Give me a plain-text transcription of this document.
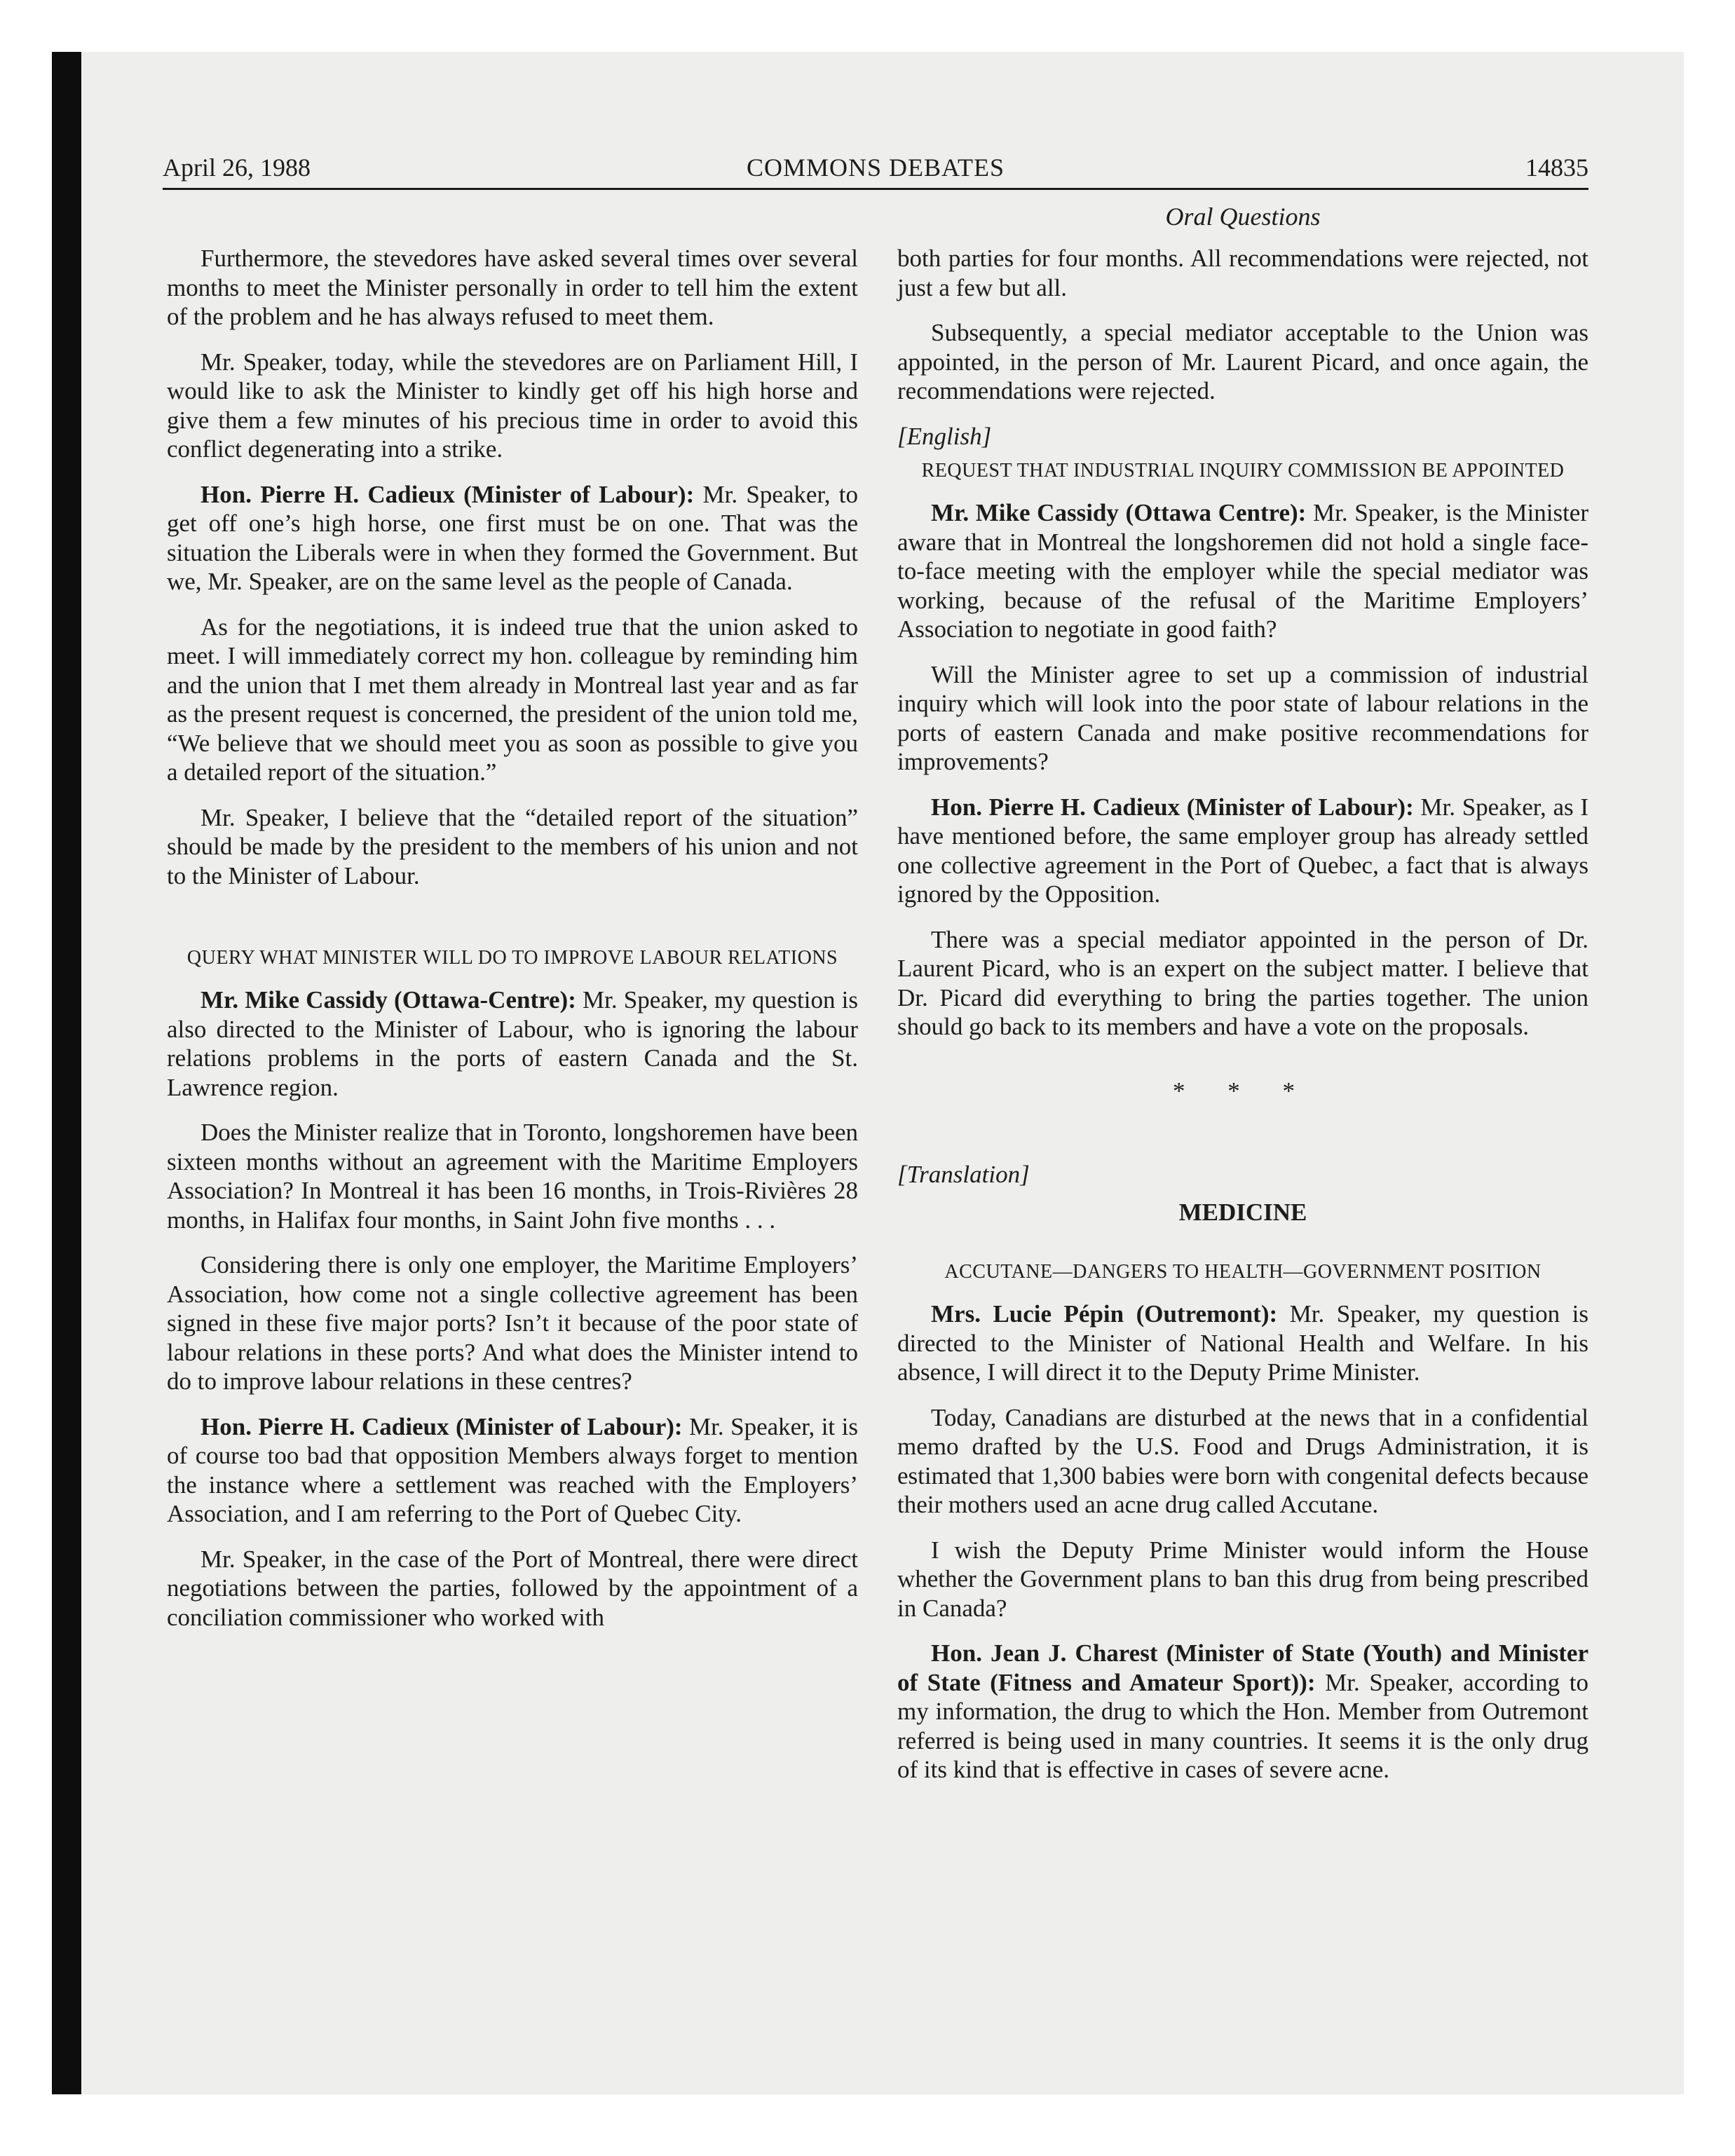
April 26, 1988	COMMONS DEBATES	14835
Oral Questions

Furthermore, the stevedores have asked several times over several months to meet the Minister personally in order to tell him the extent of the problem and he has always refused to meet them.

Mr. Speaker, today, while the stevedores are on Parliament Hill, I would like to ask the Minister to kindly get off his high horse and give them a few minutes of his precious time in order to avoid this conflict degenerating into a strike.

Hon. Pierre H. Cadieux (Minister of Labour): Mr. Speaker, to get off one’s high horse, one first must be on one. That was the situation the Liberals were in when they formed the Government. But we, Mr. Speaker, are on the same level as the people of Canada.

As for the negotiations, it is indeed true that the union asked to meet. I will immediately correct my hon. colleague by reminding him and the union that I met them already in Montreal last year and as far as the present request is concerned, the president of the union told me, “We believe that we should meet you as soon as possible to give you a detailed report of the situation.”

Mr. Speaker, I believe that the “detailed report of the situation” should be made by the president to the members of his union and not to the Minister of Labour.

QUERY WHAT MINISTER WILL DO TO IMPROVE LABOUR RELATIONS

Mr. Mike Cassidy (Ottawa-Centre): Mr. Speaker, my question is also directed to the Minister of Labour, who is ignoring the labour relations problems in the ports of eastern Canada and the St. Lawrence region.

Does the Minister realize that in Toronto, longshoremen have been sixteen months without an agreement with the Maritime Employers Association? In Montreal it has been 16 months, in Trois-Rivières 28 months, in Halifax four months, in Saint John five months . . .

Considering there is only one employer, the Maritime Employers’ Association, how come not a single collective agreement has been signed in these five major ports? Isn’t it because of the poor state of labour relations in these ports? And what does the Minister intend to do to improve labour relations in these centres?

Hon. Pierre H. Cadieux (Minister of Labour): Mr. Speaker, it is of course too bad that opposition Members always forget to mention the instance where a settlement was reached with the Employers’ Association, and I am referring to the Port of Quebec City.

Mr. Speaker, in the case of the Port of Montreal, there were direct negotiations between the parties, followed by the appointment of a conciliation commissioner who worked with

both parties for four months. All recommendations were rejected, not just a few but all.

Subsequently, a special mediator acceptable to the Union was appointed, in the person of Mr. Laurent Picard, and once again, the recommendations were rejected.

[English]
REQUEST THAT INDUSTRIAL INQUIRY COMMISSION BE APPOINTED

Mr. Mike Cassidy (Ottawa Centre): Mr. Speaker, is the Minister aware that in Montreal the longshoremen did not hold a single face-to-face meeting with the employer while the special mediator was working, because of the refusal of the Maritime Employers’ Association to negotiate in good faith?

Will the Minister agree to set up a commission of industrial inquiry which will look into the poor state of labour relations in the ports of eastern Canada and make positive recommendations for improvements?

Hon. Pierre H. Cadieux (Minister of Labour): Mr. Speaker, as I have mentioned before, the same employer group has already settled one collective agreement in the Port of Quebec, a fact that is always ignored by the Opposition.

There was a special mediator appointed in the person of Dr. Laurent Picard, who is an expert on the subject matter. I believe that Dr. Picard did everything to bring the parties together. The union should go back to its members and have a vote on the proposals.

* * *
[Translation]
MEDICINE
ACCUTANE—DANGERS TO HEALTH—GOVERNMENT POSITION

Mrs. Lucie Pépin (Outremont): Mr. Speaker, my question is directed to the Minister of National Health and Welfare. In his absence, I will direct it to the Deputy Prime Minister.

Today, Canadians are disturbed at the news that in a confidential memo drafted by the U.S. Food and Drugs Administration, it is estimated that 1,300 babies were born with congenital defects because their mothers used an acne drug called Accutane.

I wish the Deputy Prime Minister would inform the House whether the Government plans to ban this drug from being prescribed in Canada?

Hon. Jean J. Charest (Minister of State (Youth) and Minister of State (Fitness and Amateur Sport)): Mr. Speaker, according to my information, the drug to which the Hon. Member from Outremont referred is being used in many countries. It seems it is the only drug of its kind that is effective in cases of severe acne.
